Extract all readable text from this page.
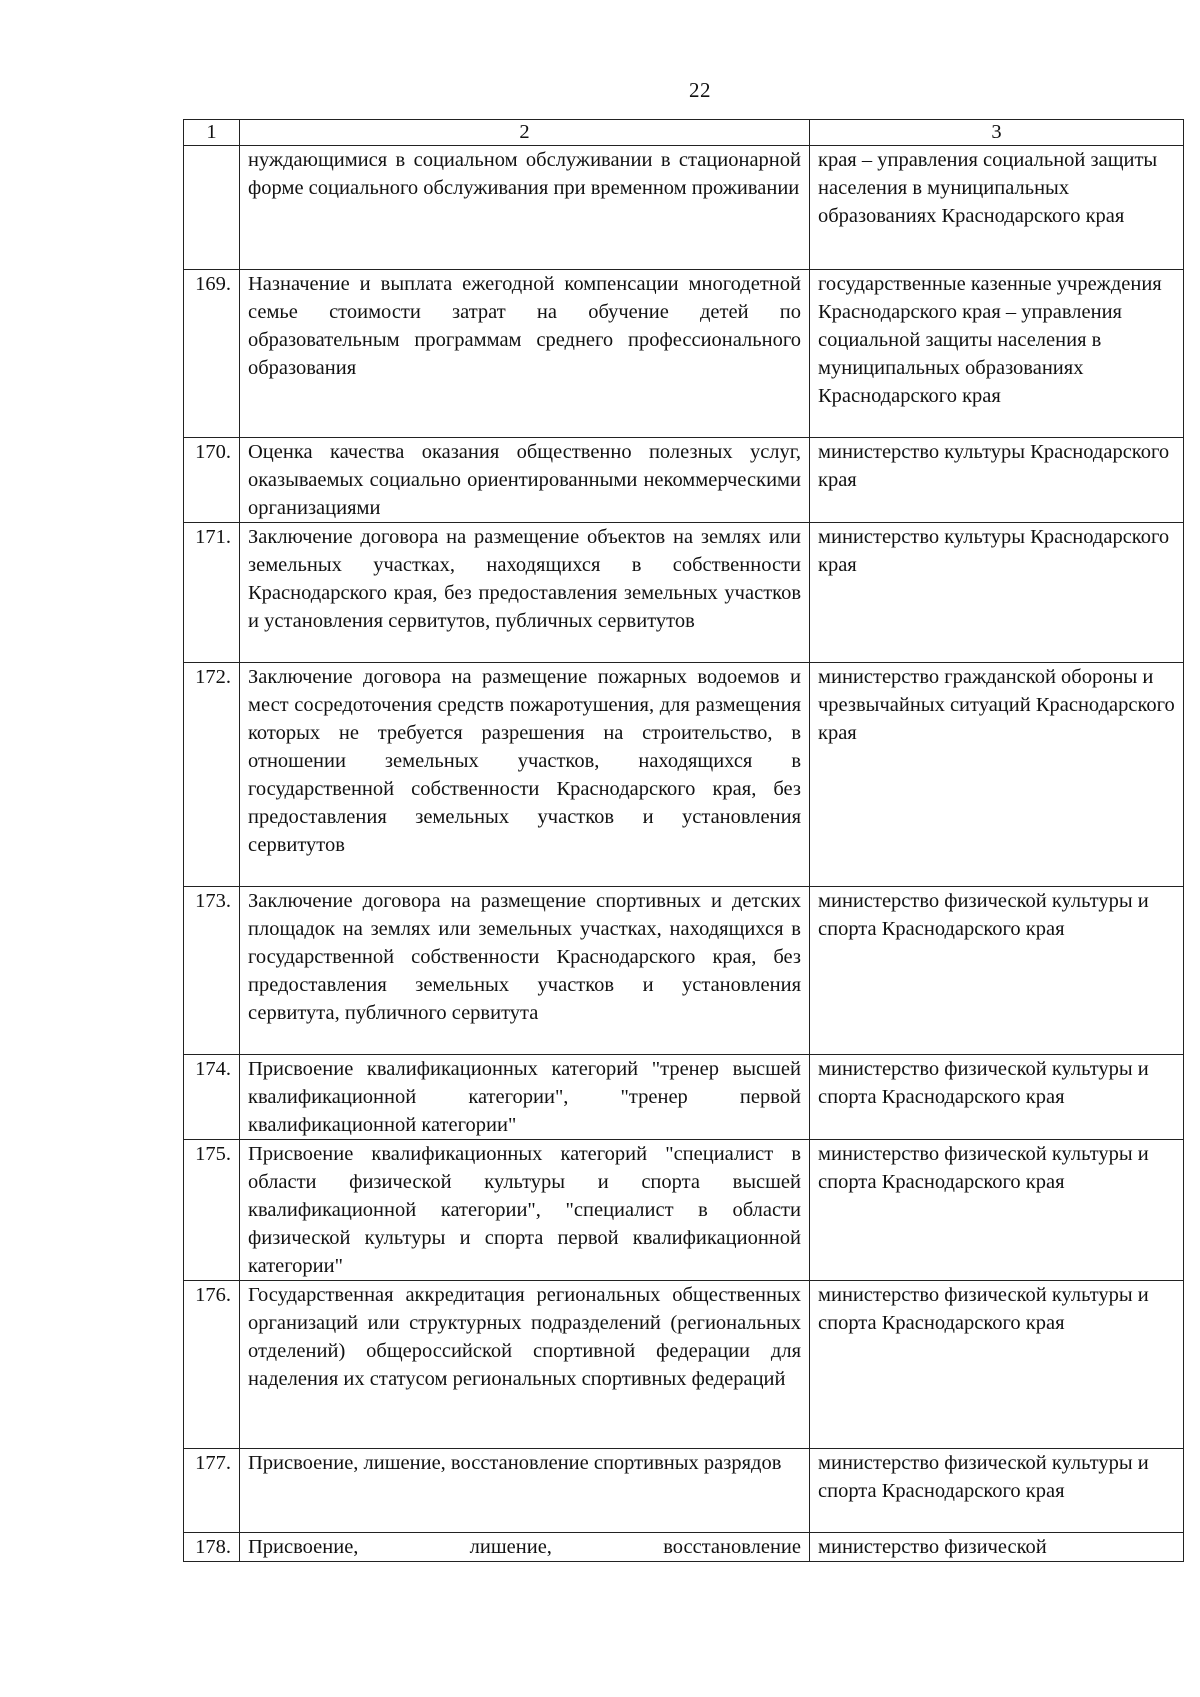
22
1	2	3
	нуждающимися в социальном обслуживании в стационарной форме социального обслуживания при временном проживании	края – управления социальной защиты населения в муниципальных образованиях Краснодарского края
169.	Назначение и выплата ежегодной компенсации многодетной семье стоимости затрат на обучение детей по образовательным программам среднего профессионального образования	государственные казенные учреждения Краснодарского края – управления социальной защиты населения в муниципальных образованиях Краснодарского края
170.	Оценка качества оказания общественно полезных услуг, оказываемых социально ориентированными некоммерческими организациями	министерство культуры Краснодарского края
171.	Заключение договора на размещение объектов на землях или земельных участках, находящихся в собственности Краснодарского края, без предоставления земельных участков и установления сервитутов, публичных сервитутов	министерство культуры Краснодарского края
172.	Заключение договора на размещение пожарных водоемов и мест сосредоточения средств пожаротушения, для размещения которых не требуется разрешения на строительство, в отношении земельных участков, находящихся в государственной собственности Краснодарского края, без предоставления земельных участков и установления сервитутов	министерство гражданской обороны и чрезвычайных ситуаций Краснодарского края
173.	Заключение договора на размещение спортивных и детских площадок на землях или земельных участках, находящихся в государственной собственности Краснодарского края, без предоставления земельных участков и установления сервитута, публичного сервитута	министерство физической культуры и спорта Краснодарского края
174.	Присвоение квалификационных категорий "тренер высшей квалификационной категории", "тренер первой квалификационной категории"	министерство физической культуры и спорта Краснодарского края
175.	Присвоение квалификационных категорий "специалист в области физической культуры и спорта высшей квалификационной категории", "специалист в области физической культуры и спорта первой квалификационной категории"	министерство физической культуры и спорта Краснодарского края
176.	Государственная аккредитация региональных общественных организаций или структурных подразделений (региональных отделений) общероссийской спортивной федерации для наделения их статусом региональных спортивных федераций	министерство физической культуры и спорта Краснодарского края
177.	Присвоение, лишение, восстановление спортивных разрядов	министерство физической культуры и спорта Краснодарского края
178.	Присвоение, лишение, восстановление	министерство физической
